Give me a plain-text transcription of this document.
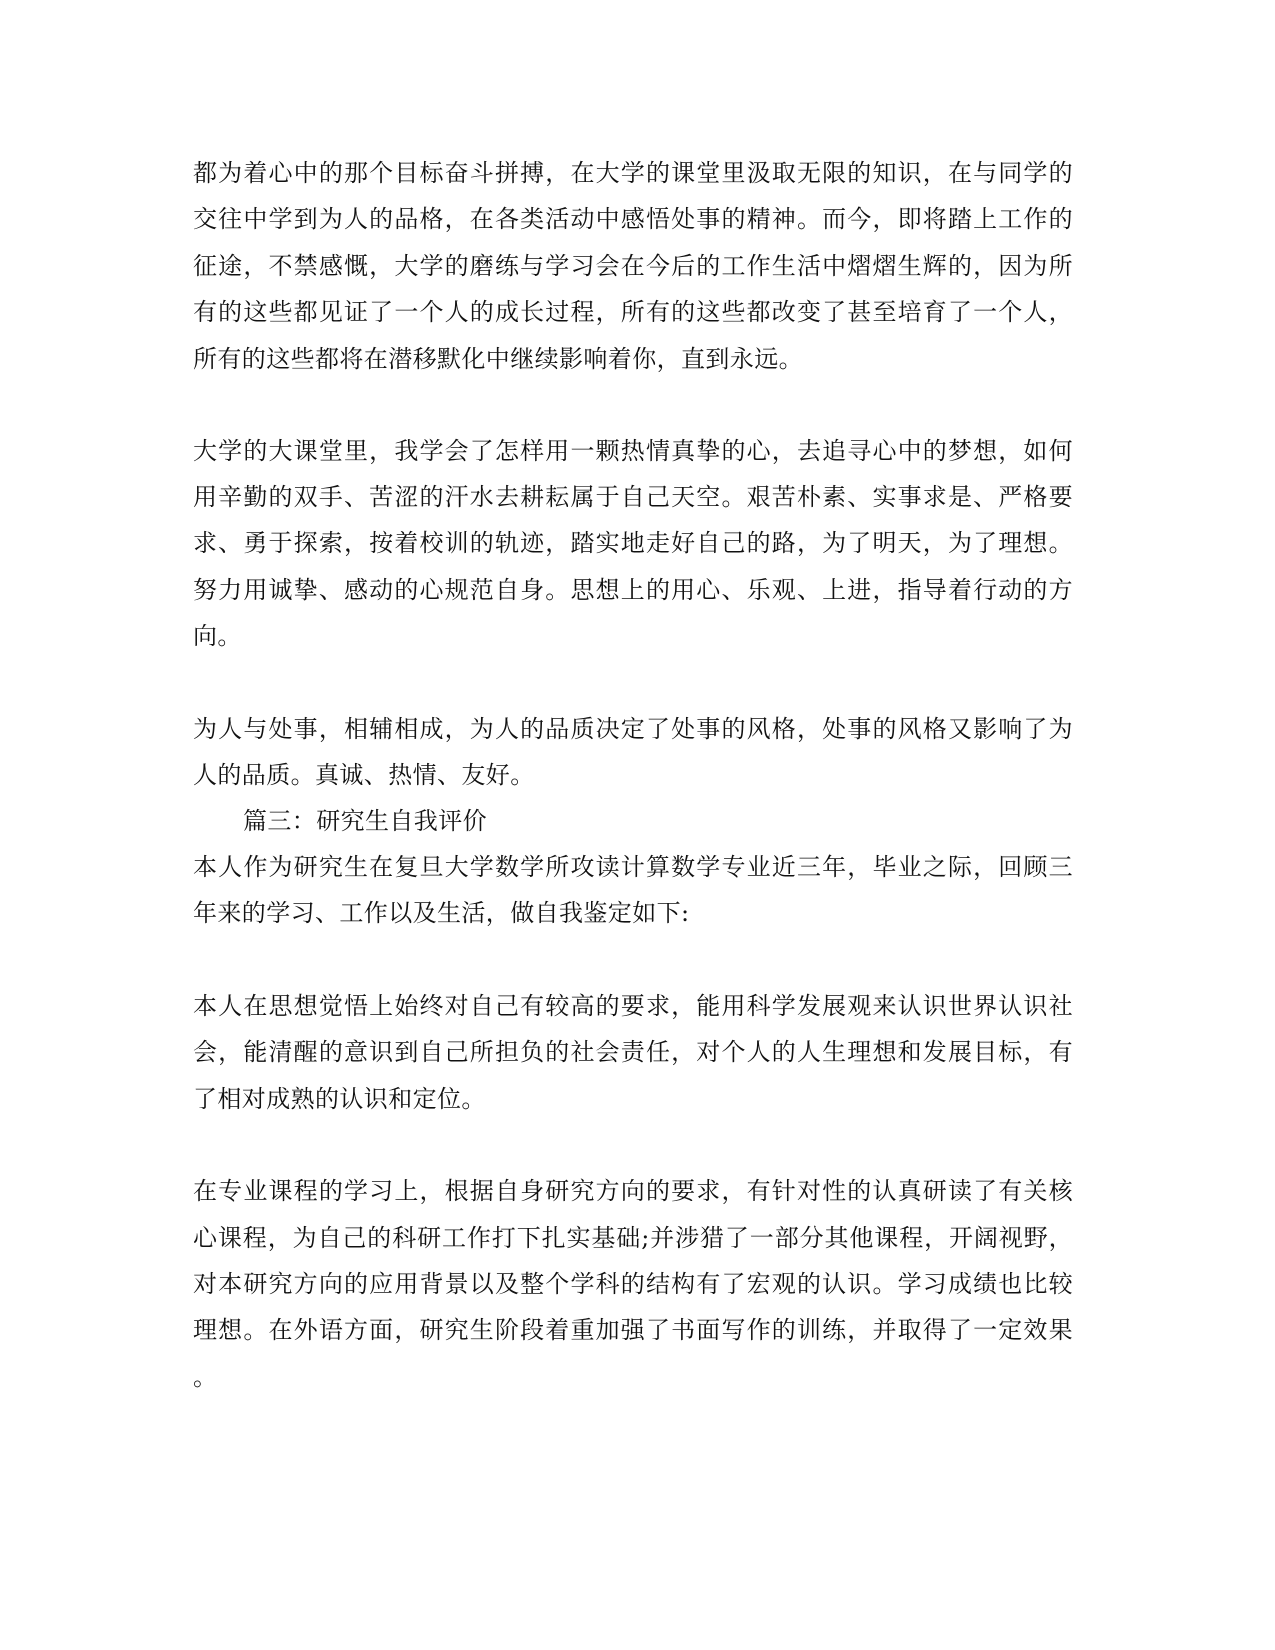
都为着心中的那个目标奋斗拼搏，在大学的课堂里汲取无限的知识，在与同学的
交往中学到为人的品格，在各类活动中感悟处事的精神。而今，即将踏上工作的
征途，不禁感慨，大学的磨练与学习会在今后的工作生活中熠熠生辉的，因为所
有的这些都见证了一个人的成长过程，所有的这些都改变了甚至培育了一个人，
所有的这些都将在潜移默化中继续影响着你，直到永远。
大学的大课堂里，我学会了怎样用一颗热情真挚的心，去追寻心中的梦想，如何
用辛勤的双手、苦涩的汗水去耕耘属于自己天空。艰苦朴素、实事求是、严格要
求、勇于探索，按着校训的轨迹，踏实地走好自己的路，为了明天，为了理想。
努力用诚挚、感动的心规范自身。思想上的用心、乐观、上进，指导着行动的方
向。
为人与处事，相辅相成，为人的品质决定了处事的风格，处事的风格又影响了为
人的品质。真诚、热情、友好。
篇三：研究生自我评价
本人作为研究生在复旦大学数学所攻读计算数学专业近三年，毕业之际，回顾三
年来的学习、工作以及生活，做自我鉴定如下:
本人在思想觉悟上始终对自己有较高的要求，能用科学发展观来认识世界认识社
会，能清醒的意识到自己所担负的社会责任，对个人的人生理想和发展目标，有
了相对成熟的认识和定位。
在专业课程的学习上，根据自身研究方向的要求，有针对性的认真研读了有关核
心课程，为自己的科研工作打下扎实基础;并涉猎了一部分其他课程，开阔视野，
对本研究方向的应用背景以及整个学科的结构有了宏观的认识。学习成绩也比较
理想。在外语方面，研究生阶段着重加强了书面写作的训练，并取得了一定效果
。
